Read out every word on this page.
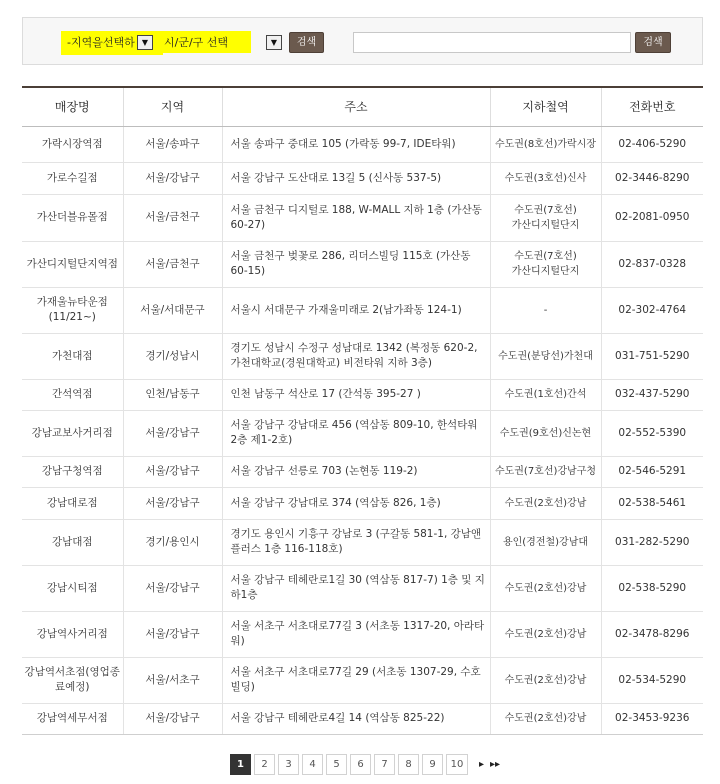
-지역을선택하 ▼	시/군/구 선택	▼	검색	검색
매장명	지역	주소	지하철역	전화번호
가락시장역점	서울/송파구	서울 송파구 중대로 105 (가락동 99-7, IDE타워)	수도권(8호선)가락시장	02-406-5290
가로수길점	서울/강남구	서울 강남구 도산대로 13길 5 (신사동 537-5)	수도권(3호선)신사	02-3446-8290
가산더블유몰점	서울/금천구	서울 금천구 디지털로 188, W-MALL 지하 1층 (가산동 60-27)	수도권(7호선)가산디지털단지	02-2081-0950
가산디지털단지역점	서울/금천구	서울 금천구 벚꽃로 286, 리더스빌딩 115호 (가산동 60-15)	수도권(7호선)가산디지털단지	02-837-0328
가재울뉴타운점 (11/21~)	서울/서대문구	서울시 서대문구 가재울미래로 2(남가좌동 124-1)	-	02-302-4764
가천대점	경기/성남시	경기도 성남시 수정구 성남대로 1342 (복정동 620-2, 가천대학교(경원대학교) 비전타워 지하 3층)	수도권(분당선)가천대	031-751-5290
간석역점	인천/남동구	인천 남동구 석산로 17 (간석동 395-27 )	수도권(1호선)간석	032-437-5290
강남교보사거리점	서울/강남구	서울 강남구 강남대로 456 (역삼동 809-10, 한석타워 2층 제1-2호)	수도권(9호선)신논현	02-552-5390
강남구청역점	서울/강남구	서울 강남구 선릉로 703 (논현동 119-2)	수도권(7호선)강남구청	02-546-5291
강남대로점	서울/강남구	서울 강남구 강남대로 374 (역삼동 826, 1층)	수도권(2호선)강남	02-538-5461
강남대점	경기/용인시	경기도 용인시 기흥구 강남로 3 (구갈동 581-1, 강남앤플러스 1층 116-118호)	용인(경전철)강남대	031-282-5290
강남시티점	서울/강남구	서울 강남구 테헤란로1길 30 (역삼동 817-7) 1층 및 지하1층	수도권(2호선)강남	02-538-5290
강남역사거리점	서울/강남구	서울 서초구 서초대로77길 3 (서초동 1317-20, 아라타워)	수도권(2호선)강남	02-3478-8296
강남역서초점(영업종료예정)	서울/서초구	서울 서초구 서초대로77길 29 (서초동 1307-29, 수호빌딩)	수도권(2호선)강남	02-534-5290
강남역세무서점	서울/강남구	서울 강남구 테헤란로4길 14 (역삼동 825-22)	수도권(2호선)강남	02-3453-9236
1	2	3	4	5	6	7	8	9	10	▸ ▸▸
